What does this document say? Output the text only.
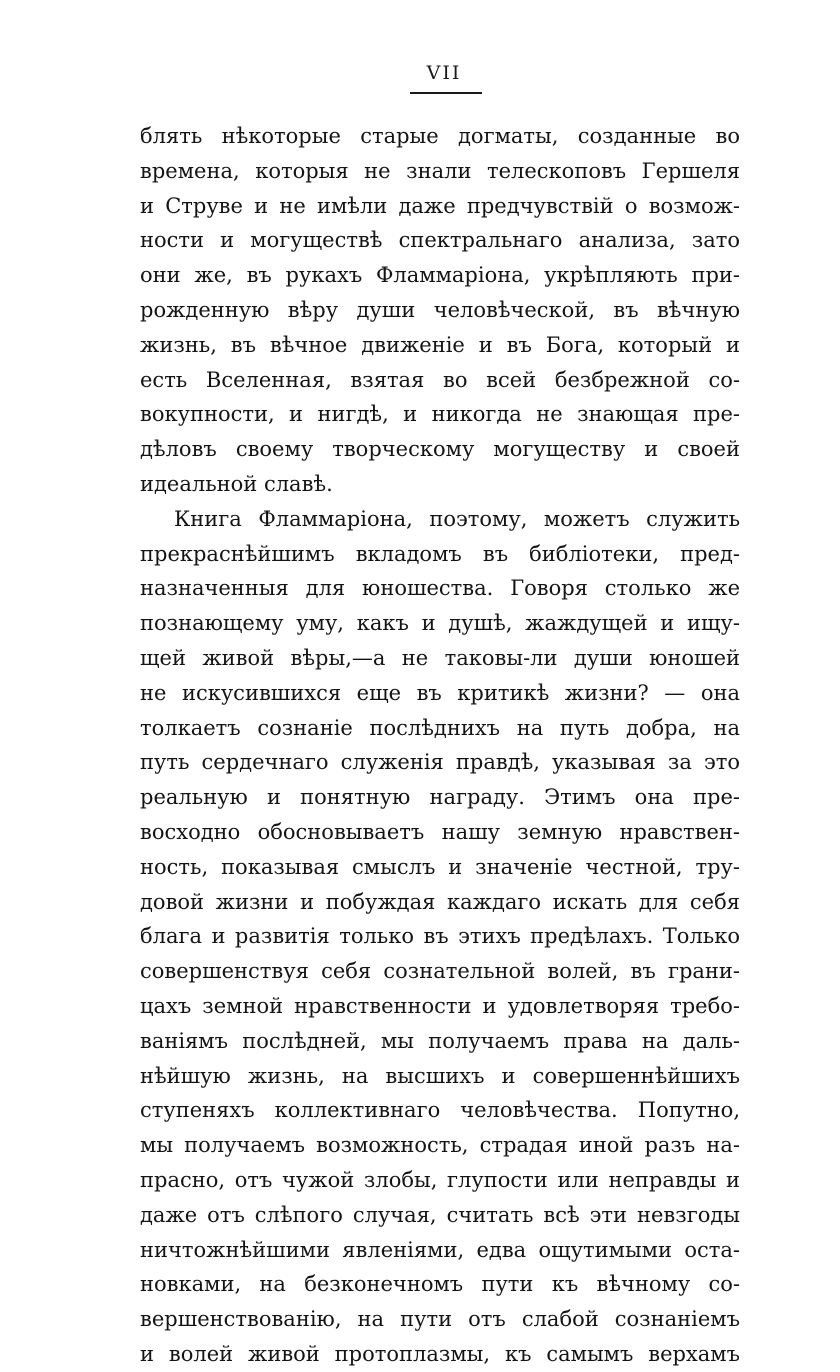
VII
блять нѣкоторые старые догматы, созданные во
времена, которыя не знали телескоповъ Гершеля
и Струве и не имѣли даже предчувствій о возмож-
ности и могуществѣ спектральнаго анализа, зато
они же, въ рукахъ Фламмаріона, укрѣпляють при-
рожденную вѣру души человѣческой, въ вѣчную
жизнь, въ вѣчное движеніе и въ Бога, который и
есть Вселенная, взятая во всей безбрежной со-
вокупности, и нигдѣ, и никогда не знающая пре-
дѣловъ своему творческому могуществу и своей
идеальной славѣ.
Книга Фламмаріона, поэтому, можетъ служить
прекраснѣйшимъ вкладомъ въ библіотеки, пред-
назначенныя для юношества. Говоря столько же
познающему уму, какъ и душѣ, жаждущей и ищу-
щей живой вѣры,—а не таковы-ли души юношей
не искусившихся еще въ критикѣ жизни? — она
толкаетъ сознаніе послѣднихъ на путь добра, на
путь сердечнаго служенія правдѣ, указывая за это
реальную и понятную награду. Этимъ она пре-
восходно обосновываетъ нашу земную нравствен-
ность, показывая смыслъ и значеніе честной, тру-
довой жизни и побуждая каждаго искать для себя
блага и развитія только въ этихъ предѣлахъ. Только
совершенствуя себя сознательной волей, въ грани-
цахъ земной нравственности и удовлетворяя требо-
ваніямъ послѣдней, мы получаемъ права на даль-
нѣйшую жизнь, на высшихъ и совершеннѣйшихъ
ступеняхъ коллективнаго человѣчества. Попутно,
мы получаемъ возможность, страдая иной разъ на-
прасно, отъ чужой злобы, глупости или неправды и
даже отъ слѣпого случая, считать всѣ эти невзгоды
ничтожнѣйшими явленіями, едва ощутимыми оста-
новками, на безконечномъ пути къ вѣчному со-
вершенствованію, на пути отъ слабой сознаніемъ
и волей живой протоплазмы, къ самымъ верхамъ
